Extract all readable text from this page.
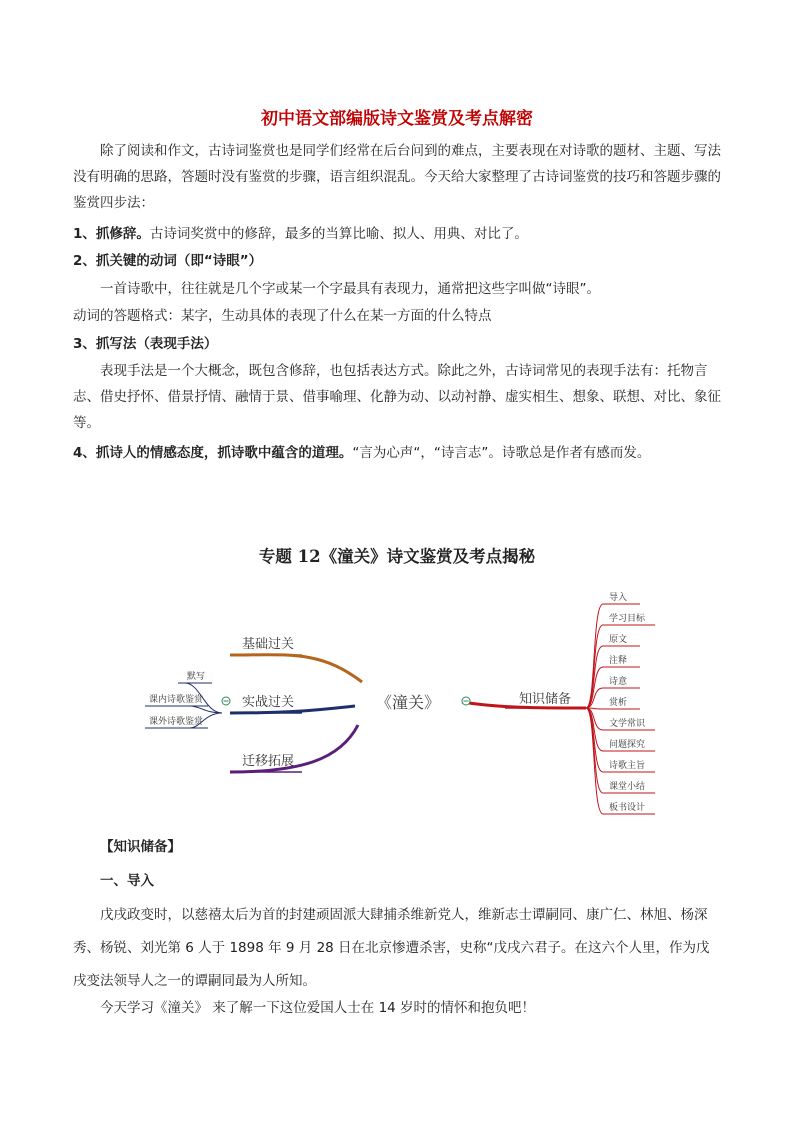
初中语文部编版诗文鉴赏及考点解密
除了阅读和作文，古诗词鉴赏也是同学们经常在后台问到的难点，主要表现在对诗歌的题材、主题、写法没有明确的思路，答题时没有鉴赏的步骤，语言组织混乱。今天给大家整理了古诗词鉴赏的技巧和答题步骤的鉴赏四步法：
1、抓修辞。古诗词奖赏中的修辞，最多的当算比喻、拟人、用典、对比了。
2、抓关键的动词（即“诗眼”）
一首诗歌中，往往就是几个字或某一个字最具有表现力，通常把这些字叫做“诗眼”。
动词的答题格式：某字，生动具体的表现了什么在某一方面的什么特点
3、抓写法（表现手法）
表现手法是一个大概念，既包含修辞，也包括表达方式。除此之外，古诗词常见的表现手法有：托物言志、借史抒怀、借景抒情、融情于景、借事喻理、化静为动、以动衬静、虚实相生、想象、联想、对比、象征等。
4、抓诗人的情感态度，抓诗歌中蕴含的道理。“言为心声“，“诗言志”。诗歌总是作者有感而发。
专题 12《潼关》诗文鉴赏及考点揭秘
《潼关》
基础过关
实战过关
迁移拓展
默写
课内诗歌鉴赏
课外诗歌鉴赏
知识储备
导入
学习目标
原文
注释
诗意
赏析
文学常识
问题探究
诗歌主旨
课堂小结
板书设计
【知识储备】
一、导入
戊戌政变时，以慈禧太后为首的封建顽固派大肆捕杀维新党人，维新志士谭嗣同、康广仁、林旭、杨深秀、杨锐、刘光第 6 人于 1898 年 9 月 28 日在北京惨遭杀害，史称“戊戌六君子。在这六个人里，作为戊戌变法领导人之一的谭嗣同最为人所知。
今天学习《潼关》 来了解一下这位爱国人士在 14 岁时的情怀和抱负吧！
